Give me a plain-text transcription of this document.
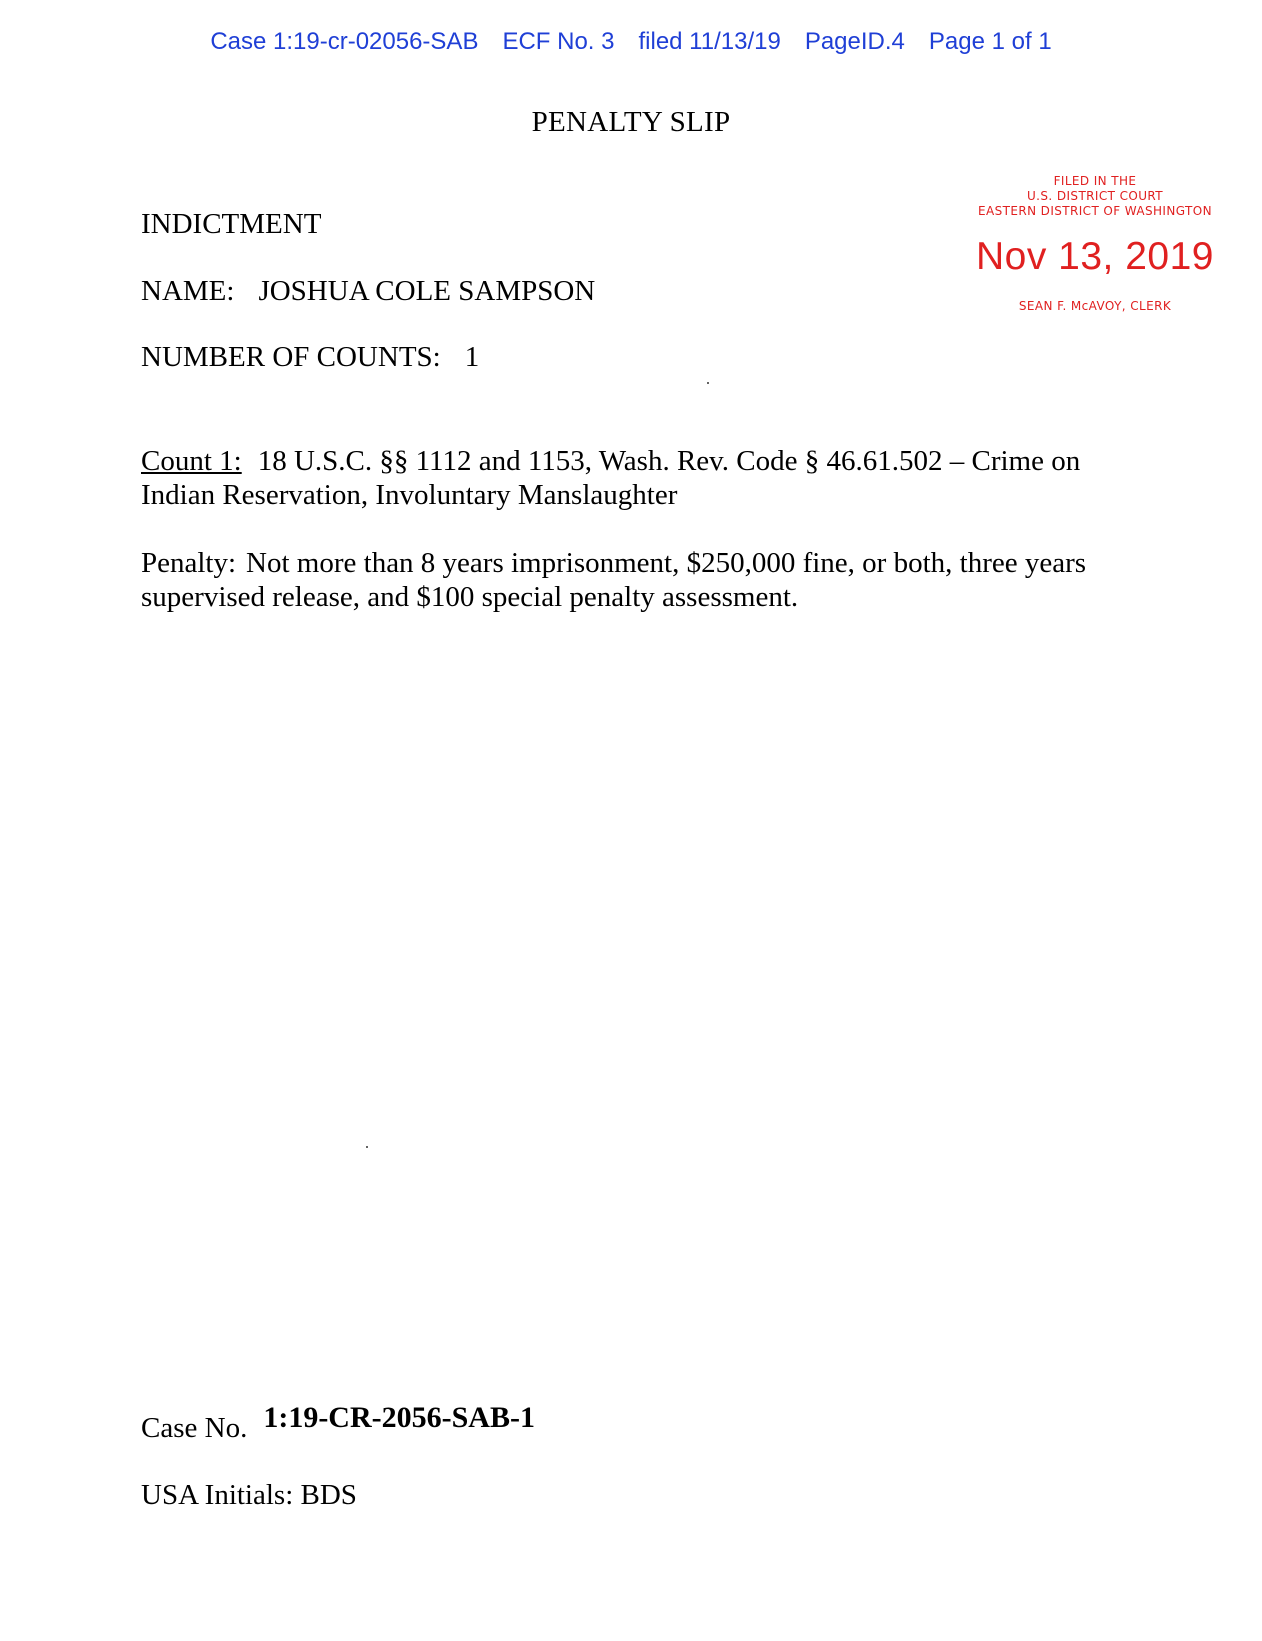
Case 1:19-cr-02056-SAB ECF No. 3 filed 11/13/19 PageID.4 Page 1 of 1
PENALTY SLIP
FILED IN THE
U.S. DISTRICT COURT
EASTERN DISTRICT OF WASHINGTON
Nov 13, 2019
SEAN F. McAVOY, CLERK
INDICTMENT
NAME: JOSHUA COLE SAMPSON
NUMBER OF COUNTS: 1
Count 1: 18 U.S.C. §§ 1112 and 1153, Wash. Rev. Code § 46.61.502 – Crime on Indian Reservation, Involuntary Manslaughter
Penalty: Not more than 8 years imprisonment, $250,000 fine, or both, three years supervised release, and $100 special penalty assessment.
Case No. 1:19-CR-2056-SAB-1
USA Initials: BDS
